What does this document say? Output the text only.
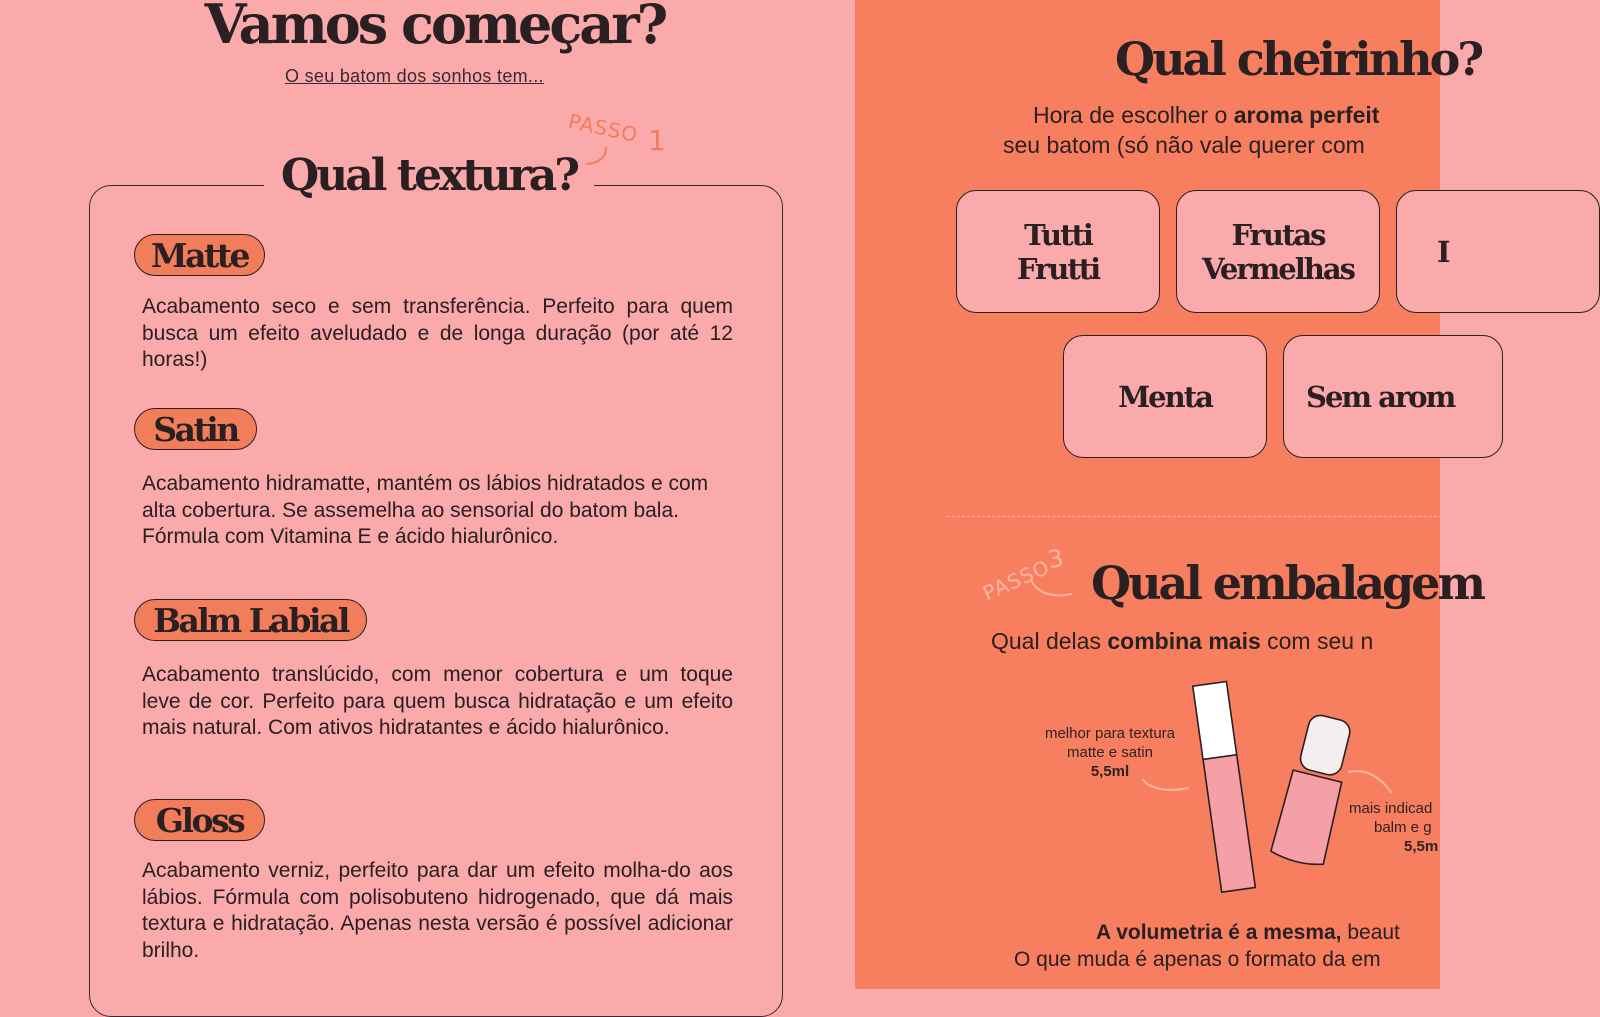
Vamos começar?
O seu batom dos sonhos tem...
Qual textura?
PASSO 1
Matte

Acabamento seco e sem transferência. Perfeito para quem busca um efeito aveludado e de longa duração (por até 12 horas!)

Satin

Acabamento hidramatte, mantém os lábios hidratados e com alta cobertura. Se assemelha ao sensorial do batom bala. Fórmula com Vitamina E e ácido hialurônico.

Balm Labial

Acabamento translúcido, com menor cobertura e um toque leve de cor. Perfeito para quem busca hidratação e um efeito mais natural. Com ativos hidratantes e ácido hialurônico.

Gloss

Acabamento verniz, perfeito para dar um efeito molha-do aos lábios. Fórmula com polisobuteno hidrogenado, que dá mais textura e hidratação. Apenas nesta versão é possível adicionar brilho.

Qual cheirinho?
Hora de escolher o aroma perfeit
seu batom (só não vale querer com
Tutti
Frutti
Frutas
Vermelhas	I
Menta	Sem arom
PASSO
3 Qual embalagem
Qual delas combina mais com seu n
melhor para textura
matte e satin
5,5ml
mais indicad
balm e g
5,5m
A volumetria é a mesma, beaut
O que muda é apenas o formato da em
